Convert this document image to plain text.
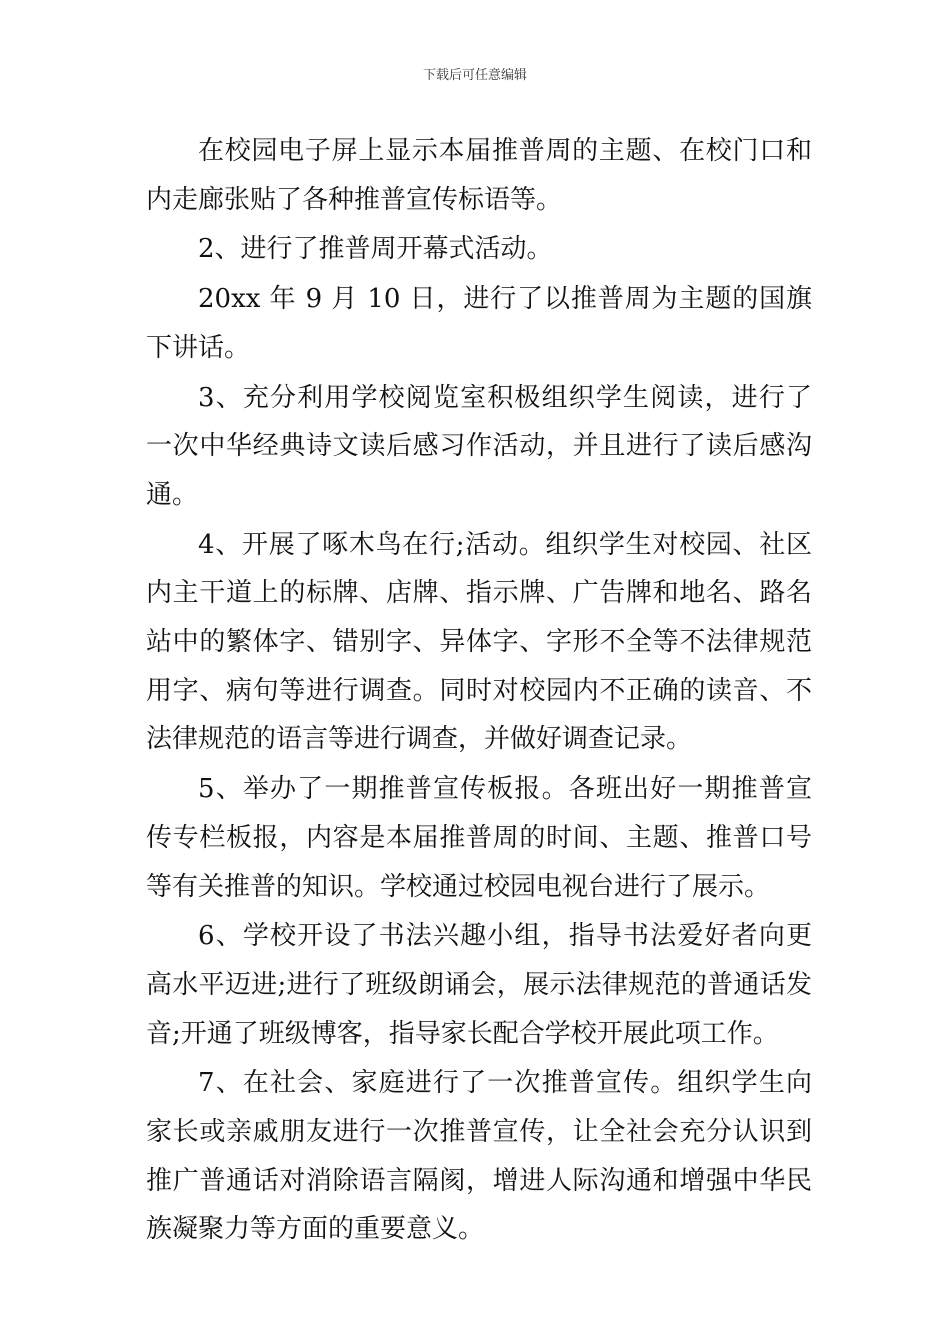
下载后可任意编辑

在校园电子屏上显示本届推普周的主题、在校门口和内走廊张贴了各种推普宣传标语等。

2、进行了推普周开幕式活动。

20xx 年 9 月 10 日，进行了以推普周为主题的国旗下讲话。

3、充分利用学校阅览室积极组织学生阅读，进行了一次中华经典诗文读后感习作活动，并且进行了读后感沟通。

4、开展了啄木鸟在行;活动。组织学生对校园、社区内主干道上的标牌、店牌、指示牌、广告牌和地名、路名站中的繁体字、错别字、异体字、字形不全等不法律规范用字、病句等进行调查。同时对校园内不正确的读音、不法律规范的语言等进行调查，并做好调查记录。

5、举办了一期推普宣传板报。各班出好一期推普宣传专栏板报，内容是本届推普周的时间、主题、推普口号等有关推普的知识。学校通过校园电视台进行了展示。

6、学校开设了书法兴趣小组，指导书法爱好者向更高水平迈进;进行了班级朗诵会，展示法律规范的普通话发音;开通了班级博客，指导家长配合学校开展此项工作。

7、在社会、家庭进行了一次推普宣传。组织学生向家长或亲戚朋友进行一次推普宣传，让全社会充分认识到推广普通话对消除语言隔阂，增进人际沟通和增强中华民族凝聚力等方面的重要意义。
